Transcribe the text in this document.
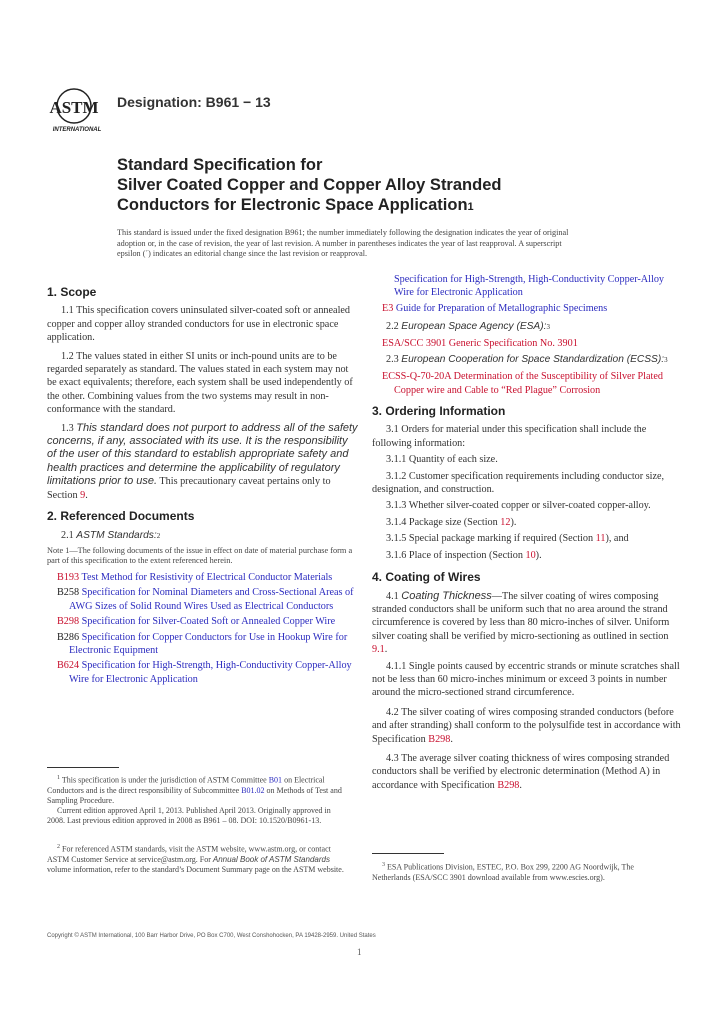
ASTM
INTERNATIONAL
Designation: B961 − 13
Standard Specification for
Silver Coated Copper and Copper Alloy Stranded
Conductors for Electronic Space Application1
This standard is issued under the fixed designation B961; the number immediately following the designation indicates the year of original adoption or, in the case of revision, the year of last revision. A number in parentheses indicates the year of last reapproval. A superscript epsilon (´) indicates an editorial change since the last revision or reapproval.
1. Scope

1.1 This specification covers uninsulated silver-coated soft or annealed copper and copper alloy stranded conductors for use in electronic space application.

1.2 The values stated in either SI units or inch-pound units are to be regarded separately as standard. The values stated in each system may not be exact equivalents; therefore, each system shall be used independently of the other. Combining values from the two systems may result in non-conformance with the standard.

1.3 This standard does not purport to address all of the safety concerns, if any, associated with its use. It is the responsibility of the user of this standard to establish appropriate safety and health practices and determine the applicability of regulatory limitations prior to use. This precautionary caveat pertains only to Section 9.

2. Referenced Documents

2.1 ASTM Standards:2

Note 1—The following documents of the issue in effect on date of material purchase form a part of this specification to the extent referenced herein.

B193 Test Method for Resistivity of Electrical Conductor Materials

B258 Specification for Nominal Diameters and Cross-Sectional Areas of AWG Sizes of Solid Round Wires Used as Electrical Conductors

B298 Specification for Silver-Coated Soft or Annealed Copper Wire

B286 Specification for Copper Conductors for Use in Hookup Wire for Electronic Equipment

B624 Specification for High-Strength, High-Conductivity Copper-Alloy Wire for Electronic Application

Specification for High-Strength, High-Conductivity Copper-Alloy Wire for Electronic Application

E3 Guide for Preparation of Metallographic Specimens

2.2 European Space Agency (ESA):3

ESA/SCC 3901 Generic Specification No. 3901

2.3 European Cooperation for Space Standardization (ECSS):3

ECSS-Q-70-20A Determination of the Susceptibility of Silver Plated Copper wire and Cable to “Red Plague” Corrosion

3. Ordering Information

3.1 Orders for material under this specification shall include the following information:

3.1.1 Quantity of each size.

3.1.2 Customer specification requirements including conductor size, designation, and construction.

3.1.3 Whether silver-coated copper or silver-coated copper-alloy.

3.1.4 Package size (Section 12).

3.1.5 Special package marking if required (Section 11), and

3.1.6 Place of inspection (Section 10).

4. Coating of Wires

4.1 Coating Thickness—The silver coating of wires composing stranded conductors shall be uniform such that no area around the strand circumference is covered by less than 80 micro-inches of silver. Uniform silver coating shall be verified by micro-sectioning as outlined in section 9.1.

4.1.1 Single points caused by eccentric strands or minute scratches shall not be less than 60 micro-inches minimum or exceed 3 points in number around the micro-sectioned strand circumference.

4.2 The silver coating of wires composing stranded conductors (before and after stranding) shall conform to the polysulfide test in accordance with Specification B298.

4.3 The average silver coating thickness of wires composing stranded conductors shall be verified by electronic determination (Method A) in accordance with Specification B298.

$^1$ This specification is under the jurisdiction of ASTM Committee B01 on Electrical Conductors and is the direct responsibility of Subcommittee B01.02 on Methods of Test and Sampling Procedure.

Current edition approved April 1, 2013. Published April 2013. Originally approved in 2008. Last previous edition approved in 2008 as B961 – 08. DOI: 10.1520/B0961-13.

$^2$ For referenced ASTM standards, visit the ASTM website, www.astm.org, or contact ASTM Customer Service at service@astm.org. For Annual Book of ASTM Standards volume information, refer to the standard’s Document Summary page on the ASTM website.	$^3$ ESA Publications Division, ESTEC, P.O. Box 299, 2200 AG Noordwijk, The Netherlands (ESA/SCC 3901 download available from www.escies.org).

Copyright © ASTM International, 100 Barr Harbor Drive, PO Box C700, West Conshohocken, PA 19428-2959. United States
1
